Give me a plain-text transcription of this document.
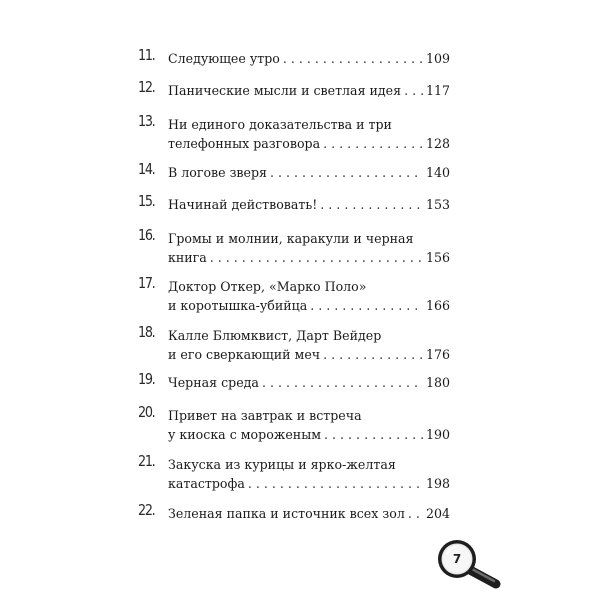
11. Следующее утро . . .	109
12. Панические мысли и светлая идея . . . 117
13. Ни единого доказательства и три
телефонных разговора . . .	128
14. В логове зверя . . .	140
15. Начинай действовать! . . .	153
16. Громы и молнии, каракули и черная
книга . . .	156
17. Доктор Откер, «Марко Поло»
и коротышка-убийца . . .	166
18. Калле Блюмквист, Дарт Вейдер
и его сверкающий меч . . .	176
19. Черная среда . . .	180
20. Привет на завтрак и встреча
у киоска с мороженым . . .	190
21. Закуска из курицы и ярко-желтая
катастрофа . . .	198
22. Зеленая папка и источник всех зол . . . 204
7
